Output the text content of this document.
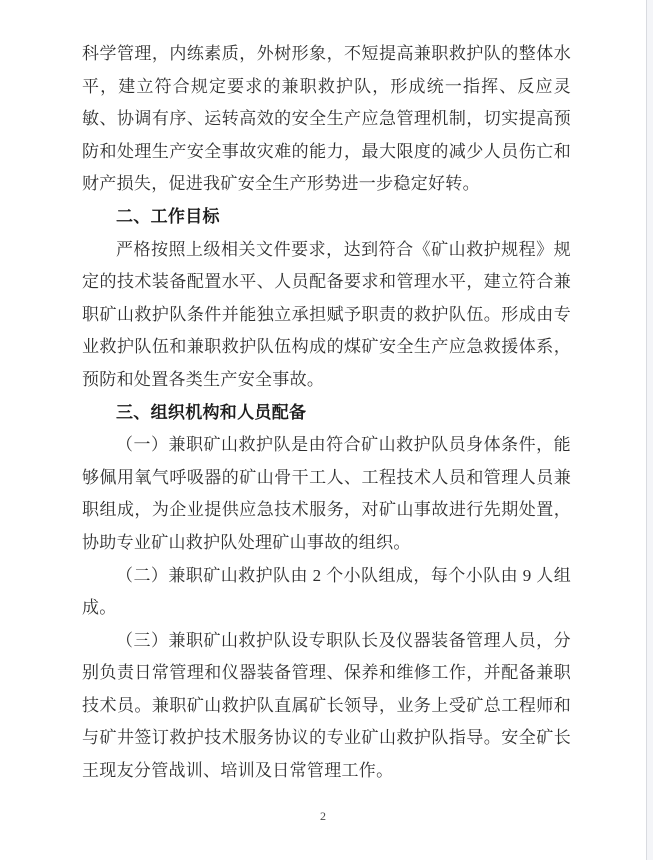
科学管理，内练素质，外树形象，不短提高兼职救护队的整体水平，建立符合规定要求的兼职救护队，形成统一指挥、反应灵敏、协调有序、运转高效的安全生产应急管理机制，切实提高预防和处理生产安全事故灾难的能力，最大限度的减少人员伤亡和财产损失，促进我矿安全生产形势进一步稳定好转。

二、工作目标

严格按照上级相关文件要求，达到符合《矿山救护规程》规定的技术装备配置水平、人员配备要求和管理水平，建立符合兼职矿山救护队条件并能独立承担赋予职责的救护队伍。形成由专业救护队伍和兼职救护队伍构成的煤矿安全生产应急救援体系，预防和处置各类生产安全事故。

三、组织机构和人员配备

（一）兼职矿山救护队是由符合矿山救护队员身体条件，能够佩用氧气呼吸器的矿山骨干工人、工程技术人员和管理人员兼职组成，为企业提供应急技术服务，对矿山事故进行先期处置，协助专业矿山救护队处理矿山事故的组织。

（二）兼职矿山救护队由 2 个小队组成，每个小队由 9 人组成。

（三）兼职矿山救护队设专职队长及仪器装备管理人员，分别负责日常管理和仪器装备管理、保养和维修工作，并配备兼职技术员。兼职矿山救护队直属矿长领导，业务上受矿总工程师和与矿井签订救护技术服务协议的专业矿山救护队指导。安全矿长王现友分管战训、培训及日常管理工作。

2
